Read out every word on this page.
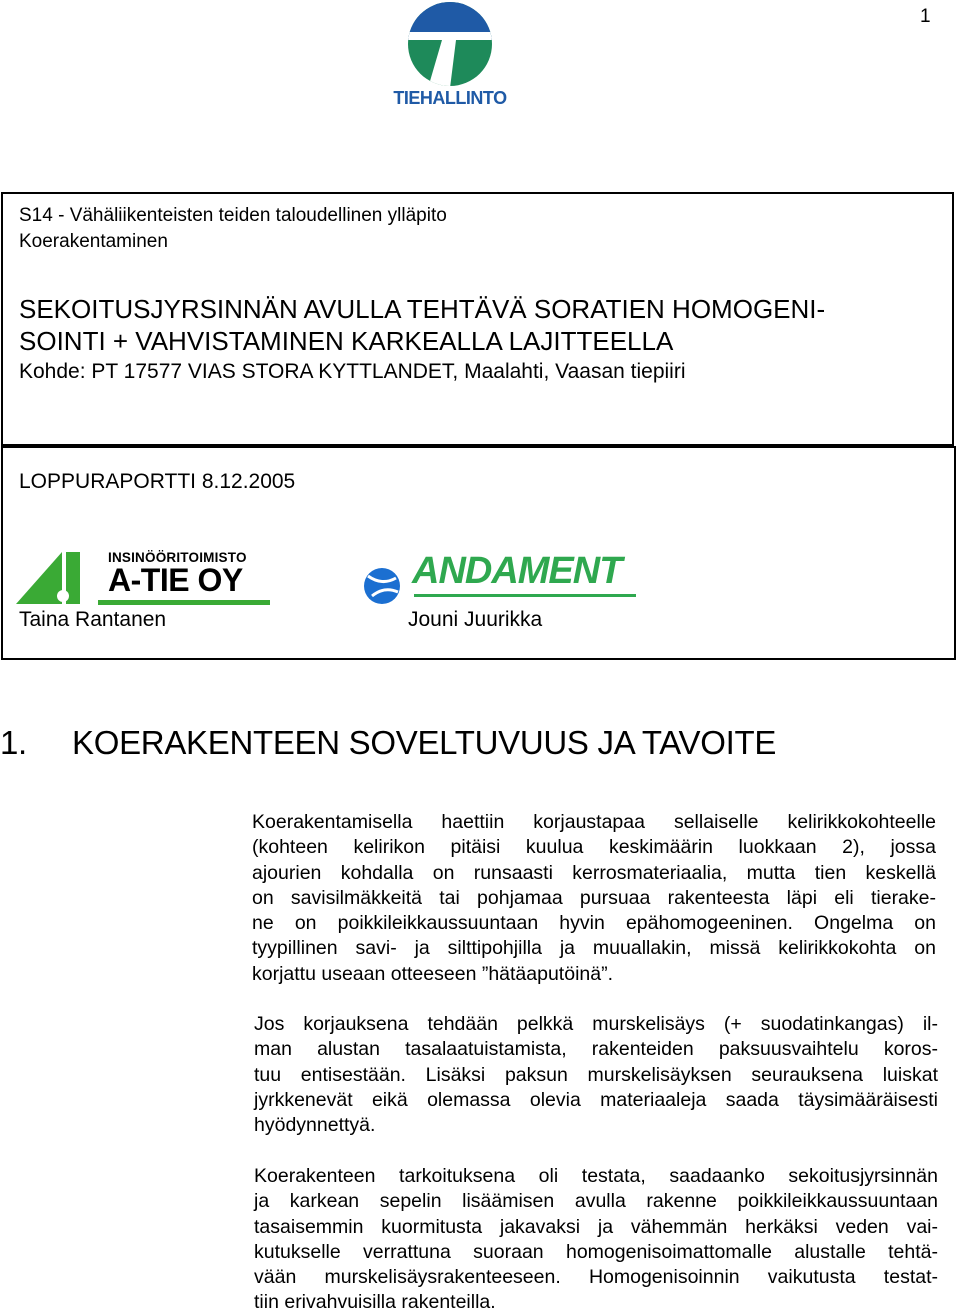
1
TIEHALLINTO
S14 - Vähäliikenteisten teiden taloudellinen ylläpito
Koerakentaminen
SEKOITUSJYRSINNÄN AVULLA TEHTÄVÄ SORATIEN HOMOGENI-
SOINTI + VAHVISTAMINEN KARKEALLA LAJITTEELLA
Kohde: PT 17577 VIAS STORA KYTTLANDET, Maalahti, Vaasan tiepiiri
LOPPURAPORTTI 8.12.2005
Taina Rantanen	Jouni Juurikka
INSINÖÖRITOIMISTO
A-TIE OY	ANDAMENT
1. KOERAKENTEEN SOVELTUVUUS JA TAVOITE
Koerakentamisella haettiin korjaustapaa sellaiselle kelirikkokohteelle
(kohteen kelirikon pitäisi kuulua keskimäärin luokkaan 2), jossa
ajourien kohdalla on runsaasti kerrosmateriaalia, mutta tien keskellä
on savisilmäkkeitä tai pohjamaa pursuaa rakenteesta läpi eli tierake-
ne on poikkileikkaussuuntaan hyvin epähomogeeninen. Ongelma on
tyypillinen savi- ja silttipohjilla ja muuallakin, missä kelirikkokohta on
korjattu useaan otteeseen ”hätäaputöinä”.
Jos korjauksena tehdään pelkkä murskelisäys (+ suodatinkangas) il-
man alustan tasalaatuistamista, rakenteiden paksuusvaihtelu koros-
tuu entisestään. Lisäksi paksun murskelisäyksen seurauksena luiskat
jyrkkenevät eikä olemassa olevia materiaaleja saada täysimääräisesti
hyödynnettyä.
Koerakenteen tarkoituksena oli testata, saadaanko sekoitusjyrsinnän
ja karkean sepelin lisäämisen avulla rakenne poikkileikkaussuuntaan
tasaisemmin kuormitusta jakavaksi ja vähemmän herkäksi veden vai-
kutukselle verrattuna suoraan homogenisoimattomalle alustalle tehtä-
vään murskelisäysrakenteeseen. Homogenisoinnin vaikutusta testat-
tiin erivahvuisilla rakenteilla.
